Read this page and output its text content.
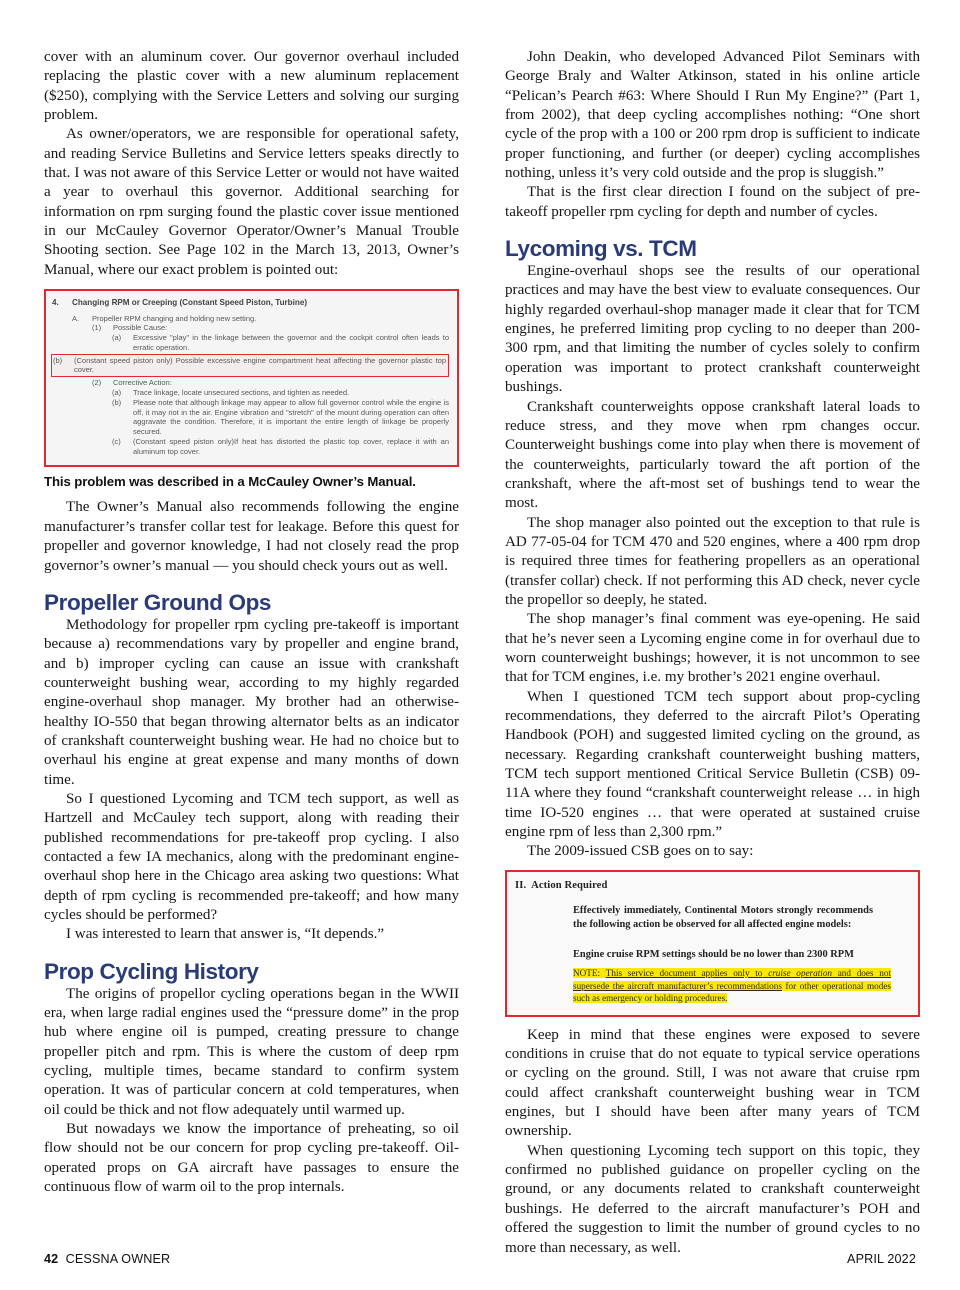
cover with an aluminum cover. Our governor overhaul included replacing the plastic cover with a new aluminum replacement ($250), complying with the Service Letters and solving our surging problem.

As owner/operators, we are responsible for operational safety, and reading Service Bulletins and Service letters speaks directly to that. I was not aware of this Service Letter or would not have waited a year to overhaul this governor. Additional searching for information on rpm surging found the plastic cover issue mentioned in our McCauley Governor Operator/Owner’s Manual Trouble Shooting section. See Page 102 in the March 13, 2013, Owner’s Manual, where our exact problem is pointed out:

4.	Changing RPM or Creeping (Constant Speed Piston, Turbine)
A.	Propeller RPM changing and holding new setting.
(1)	Possible Cause:
(a)	Excessive "play" in the linkage between the governor and the cockpit control often leads to erratic operation.
(b)	(Constant speed piston only) Possible excessive engine compartment heat affecting the governor plastic top cover.
(2)	Corrective Action:
(a)	Trace linkage, locate unsecured sections, and tighten as needed.
(b)	Please note that although linkage may appear to allow full governor control while the engine is off, it may not in the air. Engine vibration and "stretch" of the mount during operation can often aggravate the condition. Therefore, it is important the entire length of linkage be properly secured.
(c)	(Constant speed piston only)If heat has distorted the plastic top cover, replace it with an aluminum top cover.
This problem was described in a McCauley Owner’s Manual.

The Owner’s Manual also recommends following the engine manufacturer’s transfer collar test for leakage. Before this quest for propeller and governor knowledge, I had not closely read the prop governor’s owner’s manual — you should check yours out as well.

Propeller Ground Ops

Methodology for propeller rpm cycling pre-takeoff is important because a) recommendations vary by propeller and engine brand, and b) improper cycling can cause an issue with crankshaft counterweight bushing wear, according to my highly regarded engine-overhaul shop manager. My brother had an otherwise-healthy IO-550 that began throwing alternator belts as an indicator of crankshaft counterweight bushing wear. He had no choice but to overhaul his engine at great expense and many months of down time.

So I questioned Lycoming and TCM tech support, as well as Hartzell and McCauley tech support, along with reading their published recommendations for pre-takeoff prop cycling. I also contacted a few IA mechanics, along with the predominant engine-overhaul shop here in the Chicago area asking two questions: What depth of rpm cycling is recommended pre-takeoff; and how many cycles should be performed?

I was interested to learn that answer is, “It depends.”

Prop Cycling History

The origins of propellor cycling operations began in the WWII era, when large radial engines used the “pressure dome” in the prop hub where engine oil is pumped, creating pressure to change propeller pitch and rpm. This is where the custom of deep rpm cycling, multiple times, became standard to confirm system operation. It was of particular concern at cold temperatures, when oil could be thick and not flow adequately until warmed up.

But nowadays we know the importance of preheating, so oil flow should not be our concern for prop cycling pre-takeoff. Oil-operated props on GA aircraft have passages to ensure the continuous flow of warm oil to the prop internals.

John Deakin, who developed Advanced Pilot Seminars with George Braly and Walter Atkinson, stated in his online article “Pelican’s Pearch #63: Where Should I Run My Engine?” (Part 1, from 2002), that deep cycling accomplishes nothing: “One short cycle of the prop with a 100 or 200 rpm drop is sufficient to indicate proper functioning, and further (or deeper) cycling accomplishes nothing, unless it’s very cold outside and the prop is sluggish.”

That is the first clear direction I found on the subject of pre-takeoff propeller rpm cycling for depth and number of cycles.

Lycoming vs. TCM

Engine-overhaul shops see the results of our operational practices and may have the best view to evaluate consequences. Our highly regarded overhaul-shop manager made it clear that for TCM engines, he preferred limiting prop cycling to no deeper than 200-300 rpm, and that limiting the number of cycles solely to confirm operation was important to protect crankshaft counterweight bushings.

Crankshaft counterweights oppose crankshaft lateral loads to reduce stress, and they move when rpm changes occur. Counterweight bushings come into play when there is movement of the counterweights, particularly toward the aft portion of the crankshaft, where the aft-most set of bushings tend to wear the most.

The shop manager also pointed out the exception to that rule is AD 77-05-04 for TCM 470 and 520 engines, where a 400 rpm drop is required three times for feathering propellers as an operational (transfer collar) check. If not performing this AD check, never cycle the propellor so deeply, he stated.

The shop manager’s final comment was eye-opening. He said that he’s never seen a Lycoming engine come in for overhaul due to worn counterweight bushings; however, it is not uncommon to see that for TCM engines, i.e. my brother’s 2021 engine overhaul.

When I questioned TCM tech support about prop-cycling recommendations, they deferred to the aircraft Pilot’s Operating Handbook (POH) and suggested limited cycling on the ground, as necessary. Regarding crankshaft counterweight bushing matters, TCM tech support mentioned Critical Service Bulletin (CSB) 09-11A where they found “crankshaft counterweight release … in high time IO-520 engines … that were operated at sustained cruise engine rpm of less than 2,300 rpm.”

The 2009-issued CSB goes on to say:

II. Action Required
Effectively immediately, Continental Motors strongly recommends the following action be observed for all affected engine models:
Engine cruise RPM settings should be no lower than 2300 RPM
NOTE: This service document applies only to cruise operation and does not supersede the aircraft manufacturer’s recommendations for other operational modes such as emergency or holding procedures.

Keep in mind that these engines were exposed to severe conditions in cruise that do not equate to typical service operations or cycling on the ground. Still, I was not aware that cruise rpm could affect crankshaft counterweight bushing wear in TCM engines, but I should have been after many years of TCM ownership.

When questioning Lycoming tech support on this topic, they confirmed no published guidance on propeller cycling on the ground, or any documents related to crankshaft counterweight bushings. He deferred to the aircraft manufacturer’s POH and offered the suggestion to limit the number of ground cycles to no more than necessary, as well.

42 CESSNA OWNER	APRIL 2022
